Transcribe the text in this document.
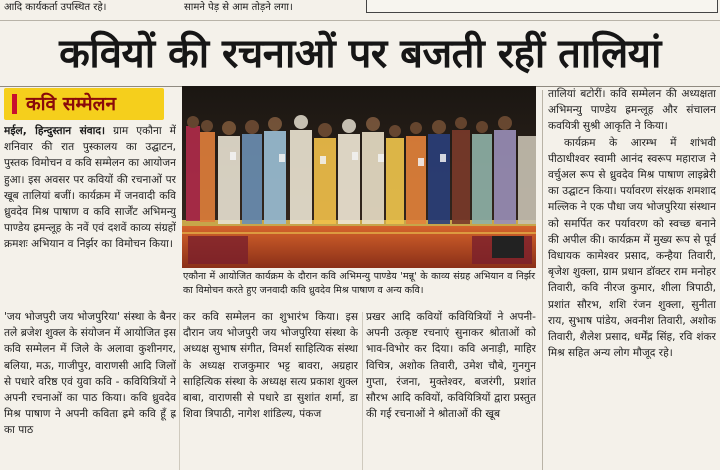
आदि कार्यकर्ता उपस्थित रहे।	सामने पेड़ से आम तोड़ने लगा।
कवियों की रचनाओं पर बजती रहीं तालियां
कवि सम्मेलन

मईल, हिन्दुस्तान संवाद। ग्राम एकौना में शनिवार की रात पुस्कालय का उद्घाटन, पुस्तक विमोचन व कवि सम्मेलन का आयोजन हुआ। इस अवसर पर कवियों की रचनाओं पर खूब तालियां बजीं। कार्यक्रम में जनवादी कवि ध्रुवदेव मिश्र पाषाण व कवि सार्जेंट अभिमन्यु पाण्डेय ह्रमन्लूह के नवें एवं दशवें काव्य संग्रहों क्रमशः अभियान व निर्झर का विमोचन किया।

एकौना में आयोजित कार्यक्रम के दौरान कवि अभिमन्यु पाण्डेय 'मन्नू' के काव्य संग्रह अभियान व निर्झर का विमोचन करते हुए जनवादी कवि ध्रुवदेव मिश्र पाषाण व अन्य कवि।

'जय भोजपुरी जय भोजपुरिया' संस्था के बैनर तले ब्रजेश शुक्ल के संयोजन में आयोजित इस कवि सम्मेलन में जिले के अलावा कुशीनगर, बलिया, मऊ, गाजीपुर, वाराणसी आदि जिलों से पधारे वरिष्ठ एवं युवा कवि - कवियित्रियों ने अपनी रचनाओं का पाठ किया। कवि ध्रुवदेव मिश्र पाषाण ने अपनी कविता ह्रमे कवि हूँ ह्र का पाठ

कर कवि सम्मेलन का शुभारंभ किया। इस दौरान जय भोजपुरी जय भोजपुरिया संस्था के अध्यक्ष सुभाष संगीत, विमर्श साहित्यिक संस्था के अध्यक्ष राजकुमार भट्ट बावरा, अग्रहार साहित्यिक संस्था के अध्यक्ष सत्य प्रकाश शुक्ल बाबा, वाराणसी से पधारे डा सुशांत शर्मा, डा शिवा त्रिपाठी, नागेश शांडिल्य, पंकज

प्रखर आदि कवियों कवियित्रियों ने अपनी-अपनी उत्कृष्ट रचनाएं सुनाकर श्रोताओं को भाव-विभोर कर दिया। कवि अनाड़ी, माहिर विचित्र, अशोक तिवारी, उमेश चौबे, गुनगुन गुप्ता, रंजना, मुक्तेश्वर, बजरंगी, प्रशांत सौरभ आदि कवियों, कवियित्रियों द्वारा प्रस्तुत की गई रचनाओं ने श्रोताओं की खूब

तालियां बटोरीं। कवि सम्मेलन की अध्यक्षता अभिमन्यु पाण्डेय ह्रमन्लूह और संचालन कवयित्री सुश्री आकृति ने किया।

कार्यक्रम के आरम्भ में शांभवी पीठाधीश्वर स्वामी आनंद स्वरूप महाराज ने वर्चुअल रूप से ध्रुवदेव मिश्र पाषाण लाइब्रेरी का उद्घाटन किया। पर्यावरण संरक्षक शमशाद मल्लिक ने एक पौधा जय भोजपुरिया संस्थान को समर्पित कर पर्यावरण को स्वच्छ बनाने की अपील की। कार्यक्रम में मुख्य रूप से पूर्व विधायक कामेश्वर प्रसाद, कन्हैया तिवारी, बृजेश शुक्ला, ग्राम प्रधान डॉक्टर राम मनोहर तिवारी, कवि नीरज कुमार, शीला त्रिपाठी, प्रशांत सौरभ, शशि रंजन शुक्ला, सुनीता राय, सुभाष पांडेय, अवनीश तिवारी, अशोक तिवारी, शैलेश प्रसाद, धर्मेंद्र सिंह, रवि शंकर मिश्र सहित अन्य लोग मौजूद रहे।
